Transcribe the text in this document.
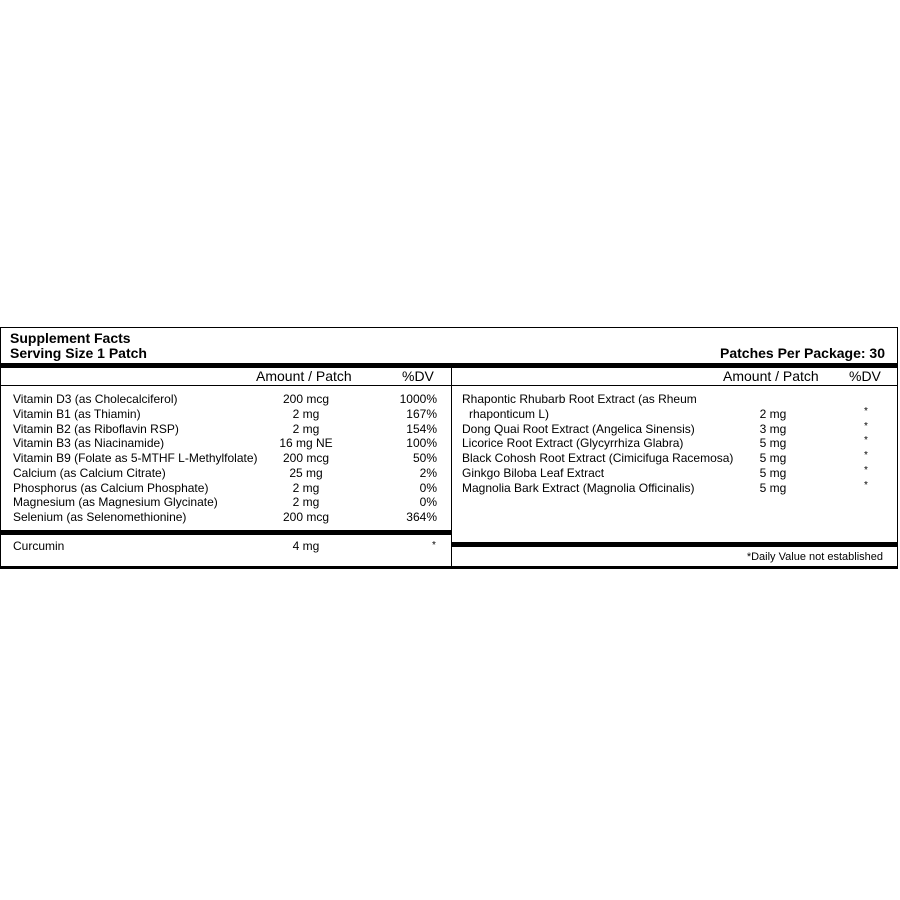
Supplement Facts
Serving Size 1 Patch	Patches Per Package: 30
Amount / Patch	%DV	Amount / Patch %DV
Vitamin D3 (as Cholecalciferol)	200 mcg	1000%
Vitamin B1 (as Thiamin)	2 mg	167%
Vitamin B2 (as Riboflavin RSP)	2 mg	154%
Vitamin B3 (as Niacinamide)	16 mg NE	100%
Vitamin B9 (Folate as 5-MTHF L-Methylfolate) 200 mcg	50%
Calcium (as Calcium Citrate)	25 mg	2%
Phosphorus (as Calcium Phosphate)	2 mg	0%
Magnesium (as Magnesium Glycinate)	2 mg	0%
Selenium (as Selenomethionine)	200 mcg	364%
Curcumin	4 mg	*
Rhapontic Rhubarb Root Extract (as Rheum
rhaponticum L)	2 mg	*
Dong Quai Root Extract (Angelica Sinensis)	3 mg	*
Licorice Root Extract (Glycyrrhiza Glabra)	5 mg	*
Black Cohosh Root Extract (Cimicifuga Racemosa) 5 mg	*
Ginkgo Biloba Leaf Extract	5 mg	*
Magnolia Bark Extract (Magnolia Officinalis)	5 mg	*
*Daily Value not established
